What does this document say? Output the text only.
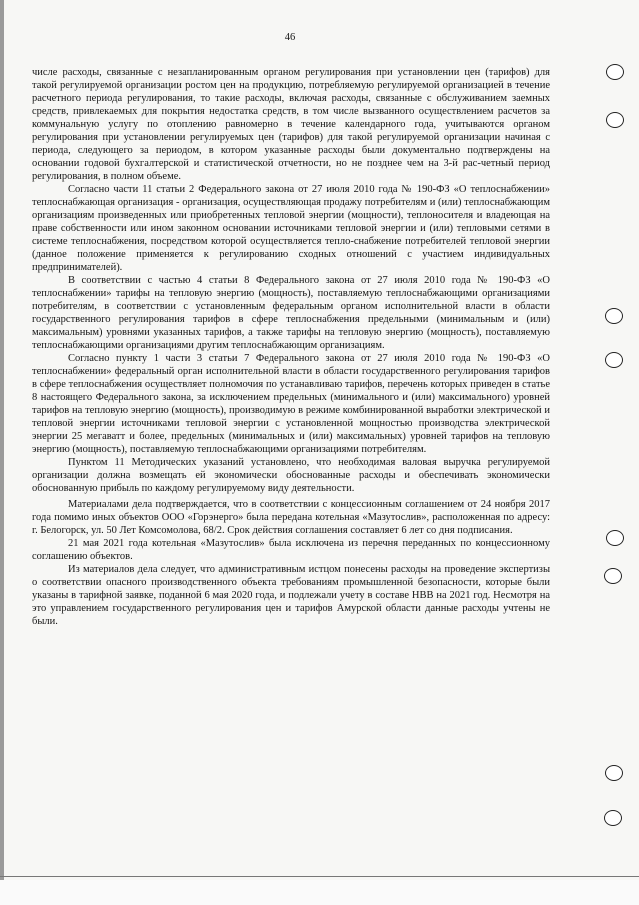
46

числе расходы, связанные с незапланированным органом регулирования при установлении цен (тарифов) для такой регулируемой организации ростом цен на продукцию, потребляемую регулируемой организацией в течение расчетного периода регулирования, то такие расходы, включая расходы, связанные с обслуживанием заемных средств, привлекаемых для покрытия недостатка средств, в том числе вызванного осуществлением расчетов за коммунальную услугу по отоплению равномерно в течение календарного года, учитываются органом регулирования при установлении регулируемых цен (тарифов) для такой регулируемой организации начиная с периода, следующего за периодом, в котором указанные расходы были документально подтверждены на основании годовой бухгалтерской и статистической отчетности, но не позднее чем на 3-й рас-четный период регулирования, в полном объеме.

Согласно части 11 статьи 2 Федерального закона от 27 июля 2010 года № 190-ФЗ «О теплоснабжении» теплоснабжающая организация - организация, осуществляющая продажу потребителям и (или) теплоснабжающим организациям произведенных или приобретенных тепловой энергии (мощности), теплоносителя и владеющая на праве собственности или ином законном основании источниками тепловой энергии и (или) тепловыми сетями в системе теплоснабжения, посредством которой осуществляется тепло-снабжение потребителей тепловой энергии (данное положение применяется к регулированию сходных отношений с участием индивидуальных предпринимателей).

В соответствии с частью 4 статьи 8 Федерального закона от 27 июля 2010 года № 190-ФЗ «О теплоснабжении» тарифы на тепловую энергию (мощность), поставляемую теплоснабжающими организациями потребителям, в соответствии с установленным федеральным органом исполнительной власти в области государственного регулирования тарифов в сфере теплоснабжения предельными (минимальным и (или) максимальным) уровнями указанных тарифов, а также тарифы на тепловую энергию (мощность), поставляемую теплоснабжающими организациями другим теплоснабжающим организациям.

Согласно пункту 1 части 3 статьи 7 Федерального закона от 27 июля 2010 года № 190-ФЗ «О теплоснабжении» федеральный орган исполнительной власти в области государственного регулирования тарифов в сфере теплоснабжения осуществляет полномочия по устанавливаю тарифов, перечень которых приведен в статье 8 настоящего Федерального закона, за исключением предельных (минимального и (или) максимального) уровней тарифов на тепловую энергию (мощность), производимую в режиме комбинированной выработки электрической и тепловой энергии источниками тепловой энергии с установленной мощностью производства электрической энергии 25 мегаватт и более, предельных (минимальных и (или) максимальных) уровней тарифов на тепловую энергию (мощность), поставляемую теплоснабжающими организациями потребителям.

Пунктом 11 Методических указаний установлено, что необходимая валовая выручка регулируемой организации должна возмещать ей экономически обоснованные расходы и обеспечивать экономически обоснованную прибыль по каждому регулируемому виду деятельности.

Материалами дела подтверждается, что в соответствии с концессионным соглашением от 24 ноября 2017 года помимо иных объектов ООО «Горэнерго» была передана котельная «Мазутослив», расположенная по адресу: г. Белогорск, ул. 50 Лет Комсомолова, 68/2. Срок действия соглашения составляет 6 лет со дня подписания.

21 мая 2021 года котельная «Мазутослив» была исключена из перечня переданных по концессионному соглашению объектов.

Из материалов дела следует, что административным истцом понесены расходы на проведение экспертизы о соответствии опасного производственного объекта требованиям промышленной безопасности, которые были указаны в тарифной заявке, поданной 6 мая 2020 года, и подлежали учету в составе НВВ на 2021 год. Несмотря на это управлением государственного регулирования цен и тарифов Амурской области данные расходы учтены не были.
